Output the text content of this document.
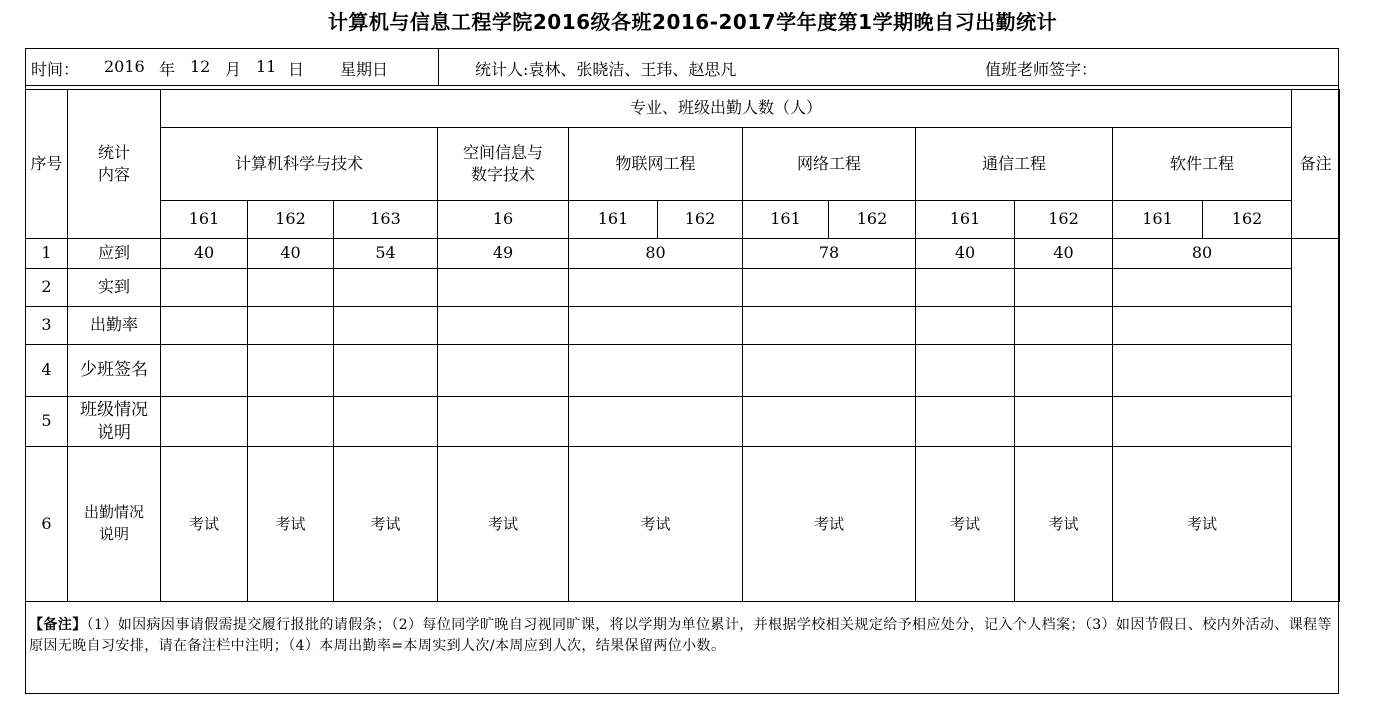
计算机与信息工程学院2016级各班2016-2017学年度第1学期晚自习出勤统计
时间： 2016 年 12 月 11 日 星期日	统计人:袁林、张晓洁、王玮、赵思凡	值班老师签字：
序号	统计
内容	专业、班级出勤人数（人）												备注	
		计算机科学与技术			空间信息与
数字技术	物联网工程		网络工程		通信工程		软件工程			
		161	162	163	16	161	162	161	162	161	162	161	162		
1	应到	40	40	54	49	80		78		40	40	80			
2	实到														
3	出勤率														
4	少班签名														
5	班级情况
说明														
6	出勤情况
说明	考试	考试	考试	考试	考试		考试		考试	考试	考试			
【备注】（1）如因病因事请假需提交履行报批的请假条；（2）每位同学旷晚自习视同旷课，将以学期为单位累计，并根据学校相关规定给予相应处分，记入个人档案；（3）如因节假日、校内外活动、课程等原因无晚自习安排，请在备注栏中注明；（4）本周出勤率=本周实到人次/本周应到人次，结果保留两位小数。
